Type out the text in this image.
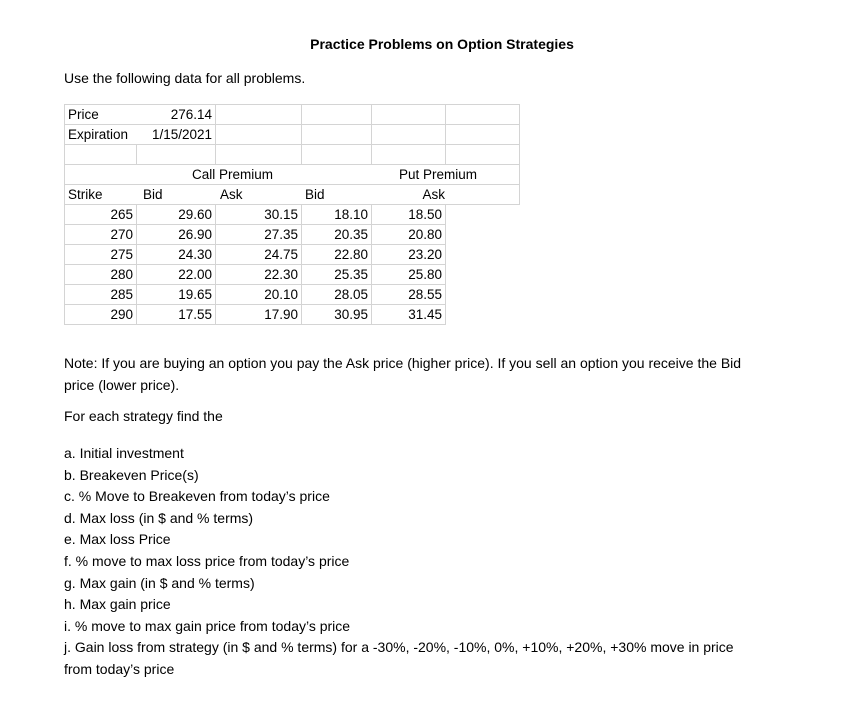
Practice Problems on Option Strategies
Use the following data for all problems.
Price	276.14				
Expiration	1/15/2021				

	Call Premium			Put Premium	
Strike	Bid	Ask	Bid	Ask	
265	29.60	30.15	18.10	18.50	
270	26.90	27.35	20.35	20.80	
275	24.30	24.75	22.80	23.20	
280	22.00	22.30	25.35	25.80	
285	19.65	20.10	28.05	28.55	
290	17.55	17.90	30.95	31.45	
Note: If you are buying an option you pay the Ask price (higher price). If you sell an option you receive the Bid price (lower price).
For each strategy find the
a. Initial investment
b. Breakeven Price(s)
c. % Move to Breakeven from today’s price
d. Max loss (in $ and % terms)
e. Max loss Price
f. % move to max loss price from today’s price
g. Max gain (in $ and % terms)
h. Max gain price
i. % move to max gain price from today’s price
j. Gain loss from strategy (in $ and % terms) for a -30%, -20%, -10%, 0%, +10%, +20%, +30% move in price from today’s price
